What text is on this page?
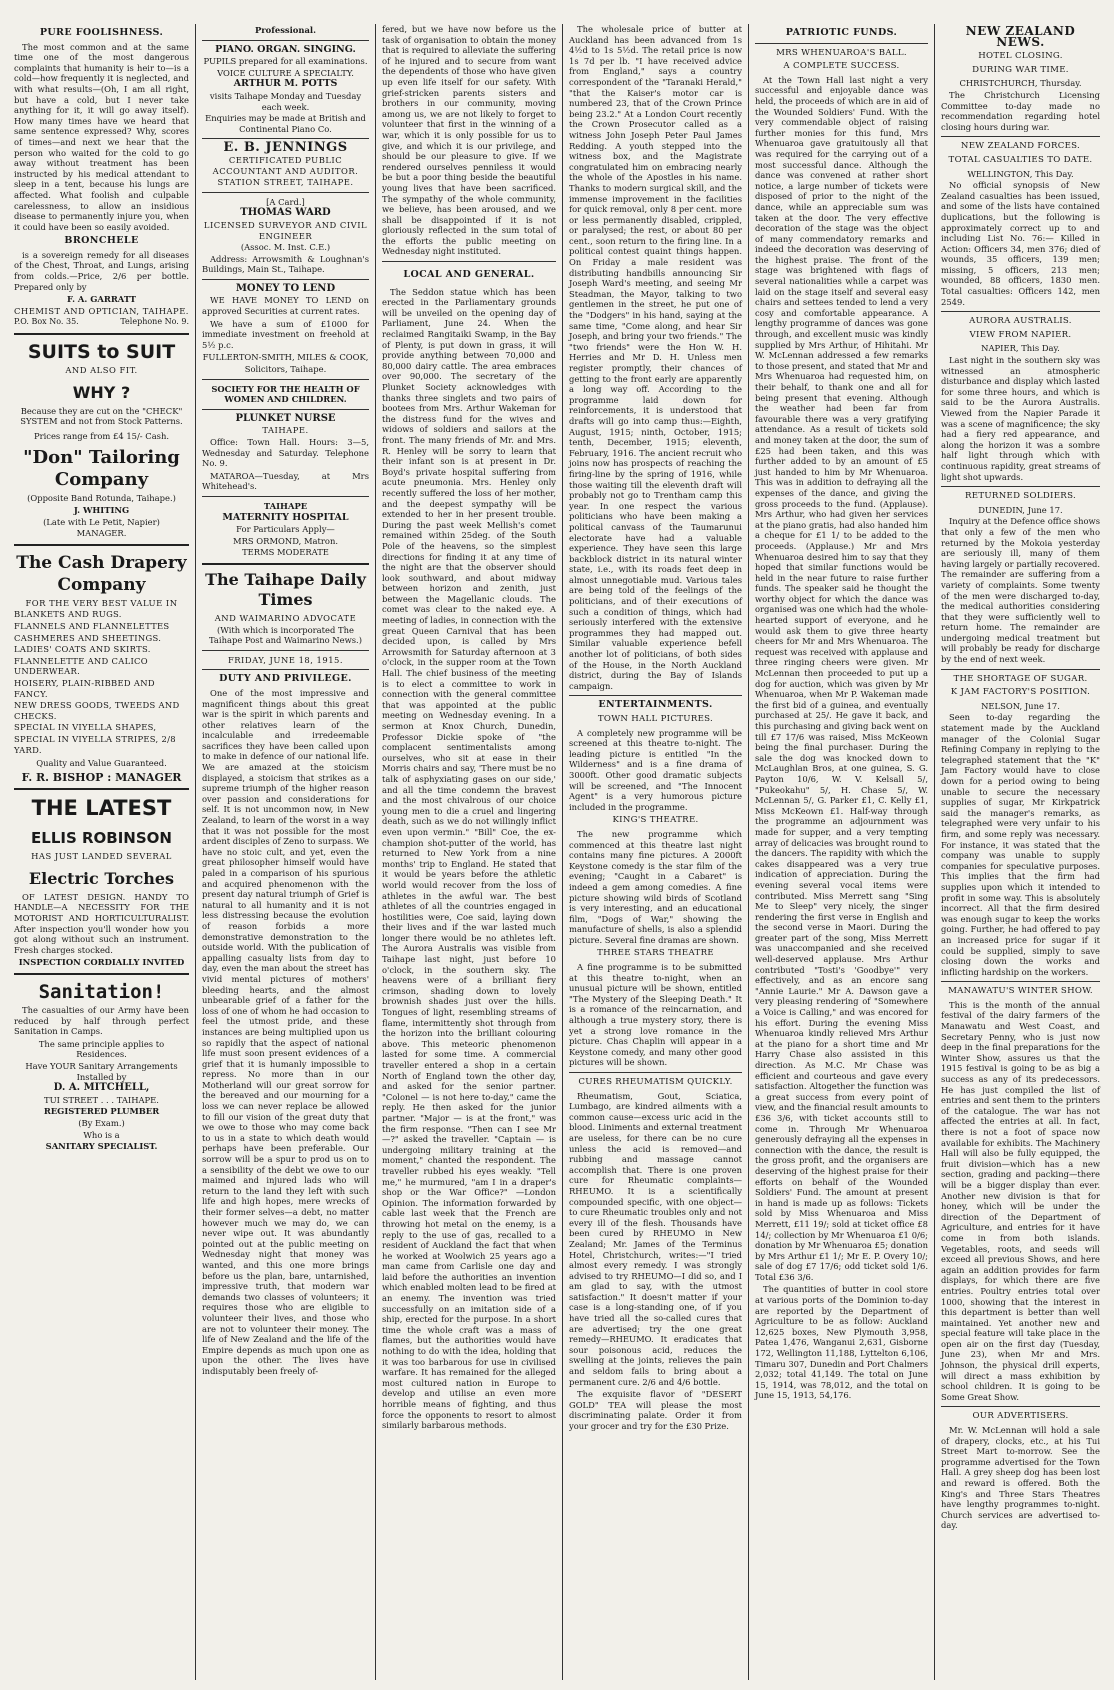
PURE FOOLISHNESS.
The most common and at the same time one of the most dangerous complaints that humanity is heir to—is a cold—how frequently it is neglected, and with what results—(Oh, I am all right, but have a cold, but I never take anything for it, it will go away itself). How many times have we heard that same sentence expressed? Why, scores of times—and next we hear that the person who waited for the cold to go away without treatment has been instructed by his medical attendant to sleep in a tent, because his lungs are affected. What foolish and culpable carelessness, to allow an insidious disease to permanently injure you, when it could have been so easily avoided.
BRONCHELE
is a sovereign remedy for all diseases of the Chest, Throat, and Lungs, arising from colds.—Price, 2/6 per bottle. Prepared only by
F. A. GARRATT
CHEMIST AND OPTICIAN, TAIHAPE.
P.O. Box No. 35.	Telephone No. 9.
SUITS to SUIT
AND ALSO FIT.
WHY ?
Because they are cut on the "CHECK" SYSTEM and not from Stock Patterns.
Prices range from £4 15/- Cash.
"Don" Tailoring Company
(Opposite Band Rotunda, Taihape.)
J. WHITING
(Late with Le Petit, Napier)
MANAGER.
The Cash Drapery Company
FOR THE VERY BEST VALUE IN
BLANKETS AND RUGS.
FLANNELS AND FLANNELETTES
CASHMERES AND SHEETINGS.
LADIES' COATS AND SKIRTS.
FLANNELETTE AND CALICO UNDERWEAR.
HOISERY, PLAIN-RIBBED AND FANCY.
NEW DRESS GOODS, TWEEDS AND CHECKS.
SPECIAL IN VIYELLA SHAPES,
SPECIAL IN VIYELLA STRIPES, 2/8 YARD.
Quality and Value Guaranteed.
F. R. BISHOP : MANAGER
THE LATEST
ELLIS ROBINSON
HAS JUST LANDED SEVERAL
Electric Torches
OF LATEST DESIGN. HANDY TO HANDLE—A NECESSITY FOR THE MOTORIST AND HORTICULTURALIST. After inspection you'll wonder how you got along without such an instrument. Fresh charges stocked.
INSPECTION CORDIALLY INVITED
Sanitation!
The casualties of our Army have been reduced by half through perfect Sanitation in Camps.
The same principle applies to Residences.
Have YOUR Sanitary Arrangements Installed by
D. A. MITCHELL,
TUI STREET . . . TAIHAPE.
REGISTERED PLUMBER
(By Exam.)
Who is a
SANITARY SPECIALIST.
Professional.
PIANO. ORGAN. SINGING.
PUPILS prepared for all examinations.
VOICE CULTURE A SPECIALTY.
ARTHUR M. POTTS
visits Taihape Monday and Tuesday each week.
Enquiries may be made at British and Continental Piano Co.
E. B. JENNINGS
CERTIFICATED PUBLIC ACCOUNTANT AND AUDITOR.
STATION STREET, TAIHAPE.
[A Card.]
THOMAS WARD
LICENSED SURVEYOR AND CIVIL ENGINEER
(Assoc. M. Inst. C.E.)
Address: Arrowsmith & Loughnan's Buildings, Main St., Taihape.
MONEY TO LEND
WE HAVE MONEY TO LEND on approved Securities at current rates.
We have a sum of £1000 for immediate investment on freehold at 5½ p.c.
FULLERTON-SMITH, MILES & COOK,
Solicitors, Taihape.
SOCIETY FOR THE HEALTH OF WOMEN AND CHILDREN.
PLUNKET NURSE
TAIHAPE.
Office: Town Hall. Hours: 3—5, Wednesday and Saturday. Telephone No. 9.
MATAROA—Tuesday, at Mrs Whitehead's.
TAIHAPE
MATERNITY HOSPITAL
For Particulars Apply—
MRS ORMOND, Matron.
TERMS MODERATE
The Taihape Daily Times
AND WAIMARINO ADVOCATE
(With which is incorporated The Taihape Post and Waimarino News.)
FRIDAY, JUNE 18, 1915.
DUTY AND PRIVILEGE.
One of the most impressive and magnificent things about this great war is the spirit in which parents and other relatives learn of the incalculable and irredeemable sacrifices they have been called upon to make in defence of our national life. We are amazed at the stoicism displayed, a stoicism that strikes as a supreme triumph of the higher reason over passion and considerations for self. It is not uncommon now, in New Zealand, to learn of the worst in a way that it was not possible for the most ardent disciples of Zeno to surpass. We have no stoic cult, and yet, even the great philosopher himself would have paled in a comparison of his spurious and acquired phenomenon with the present day natural triumph of Grief is natural to all humanity and it is not less distressing because the evolution of reason forbids a more demonstrative demonstration to the outside world. With the publication of appalling casualty lists from day to day, even the man about the street has vivid mental pictures of mothers' bleeding hearts, and the almost unbearable grief of a father for the loss of one of whom he had occasion to feel the utmost pride, and these instances are being multiplied upon us so rapidly that the aspect of national life must soon present evidences of a grief that it is humanly impossible to repress. No more than in our Motherland will our great sorrow for the bereaved and our mourning for a loss we can never replace be allowed to fill our vision of the great duty that we owe to those who may come back to us in a state to which death would perhaps have been preferable. Our sorrow will be a spur to prod us on to a sensibility of the debt we owe to our maimed and injured lads who will return to the land they left with such life and high hopes, mere wrecks of their former selves—a debt, no matter however much we may do, we can never wipe out. It was abundantly pointed out at the public meeting on Wednesday night that money was wanted, and this one more brings before us the plan, bare, untarnished, impressive truth, that modern war demands two classes of volunteers; it requires those who are eligible to volunteer their lives, and those who are not to volunteer their money. The life of New Zealand and the life of the Empire depends as much upon one as upon the other. The lives have indisputably been freely of-
fered, but we have now before us the task of organisation to obtain the money that is required to alleviate the suffering of he injured and to secure from want the dependents of those who have given up even life itself for our safety. With grief-stricken parents sisters and brothers in our community, moving among us, we are not likely to forget to volunteer that first in the winning of a war, which it is only possible for us to give, and which it is our privilege, and should be our pleasure to give. If we rendered ourselves penniless it would be but a poor thing beside the beautiful young lives that have been sacrificed. The sympathy of the whole community, we believe, has been aroused, and we shall be disappointed if it is not gloriously reflected in the sum total of the efforts the public meeting on Wednesday night instituted.
LOCAL AND GENERAL.
The Seddon statue which has been erected in the Parliamentary grounds will be unveiled on the opening day of Parliament, June 24. When the reclaimed Rangitaiki Swamp, in the Bay of Plenty, is put down in grass, it will provide anything between 70,000 and 80,000 dairy cattle. The area embraces over 90,000. The secretary of the Plunket Society acknowledges with thanks three singlets and two pairs of bootees from Mrs. Arthur Wakeman for the distress fund for the wives and widows of soldiers and sailors at the front. The many friends of Mr. and Mrs. R. Henley will be sorry to learn that their infant son is at present in Dr. Boyd's private hospital suffering from acute pneumonia. Mrs. Henley only recently suffered the loss of her mother, and the deepest sympathy will be extended to her in her present trouble. During the past week Mellish's comet remained within 25deg. of the South Pole of the heavens, so the simplest directions for finding it at any time of the night are that the observer should look southward, and about midway between horizon and zenith, just between the Magellanic clouds. The comet was clear to the naked eye. A meeting of ladies, in connection with the great Queen Carnival that has been decided upon, is called by Mrs Arrowsmith for Saturday afternoon at 3 o'clock, in the supper room at the Town Hall. The chief business of the meeting is to elect a committee to work in connection with the general committee that was appointed at the public meeting on Wednesday evening. In a sermon at Knox Church, Dunedin, Professor Dickie spoke of "the complacent sentimentalists among ourselves, who sit at ease in their Morris chairs and say, 'There must be no talk of asphyxiating gases on our side,' and all the time condemn the bravest and the most chivalrous of our choice young men to die a cruel and lingering death, such as we do not willingly inflict even upon vermin." "Bill" Coe, the ex-champion shot-putter of the world, has returned to New York from a nine months' trip to England. He stated that it would be years before the athletic world would recover from the loss of athletes in the awful war. The best athletes of all the countries engaged in hostilities were, Coe said, laying down their lives and if the war lasted much longer there would be no athletes left. The Aurora Australis was visible from Taihape last night, just before 10 o'clock, in the southern sky. The heavens were of a brilliant fiery crimson, shading down to lovely brownish shades just over the hills. Tongues of light, resembling streams of flame, intermittently shot through from the horizon into the brilliant colouring above. This meteoric phenomenon lasted for some time. A commercial traveller entered a shop in a certain North of England town the other day, and asked for the senior partner. "Colonel — is not here to-day," came the reply. He then asked for the junior partner. "Major — is at the front," was the firm response. "Then can I see Mr —?" asked the traveller. "Captain — is undergoing military training at the moment," chanted the respondent. The traveller rubbed his eyes weakly. "Tell me," he murmured, "am I in a draper's shop or the War Office?" —London Opinion. The information forwarded by cable last week that the French are throwing hot metal on the enemy, is a reply to the use of gas, recalled to a resident of Auckland the fact that when he worked at Woolwich 25 years ago a man came from Carlisle one day and laid before the authorities an invention which enabled molten lead to be fired at an enemy. The invention was tried successfully on an imitation side of a ship, erected for the purpose. In a short time the whole craft was a mass of flames, but the authorities would have nothing to do with the idea, holding that it was too barbarous for use in civilised warfare. It has remained for the alleged most cultured nation in Europe to develop and utilise an even more horrible means of fighting, and thus force the opponents to resort to almost similarly barbarous methods.
The wholesale price of butter at Auckland has been advanced from 1s 4½d to 1s 5½d. The retail price is now 1s 7d per lb. "I have received advice from England," says a country correspondent of the "Taranaki Herald," "that the Kaiser's motor car is numbered 23, that of the Crown Prince being 23.2." At a London Court recently the Crown Prosecutor called as a witness John Joseph Peter Paul James Redding. A youth stepped into the witness box, and the Magistrate congratulated him on embracing nearly the whole of the Apostles in his name. Thanks to modern surgical skill, and the immense improvement in the facilities for quick removal, only 8 per cent. more or less permanently disabled, crippled, or paralysed; the rest, or about 80 per cent., soon return to the firing line. In a political contest quaint things happen. On Friday a male resident was distributing handbills announcing Sir Joseph Ward's meeting, and seeing Mr Steadman, the Mayor, talking to two gentlemen in the street, he put one of the "Dodgers" in his hand, saying at the same time, "Come along, and hear Sir Joseph, and bring your two friends." The "two friends" were the Hon W. H. Herries and Mr D. H. Unless men register promptly, their chances of getting to the front early are apparently a long way off. According to the programme laid down for reinforcements, it is understood that drafts will go into camp thus:—Eighth, August, 1915; ninth, October, 1915; tenth, December, 1915; eleventh, February, 1916. The ancient recruit who joins now has prospects of reaching the firing-line by the spring of 1916, while those waiting till the eleventh draft will probably not go to Trentham camp this year. In one respect the various politicians who have been making a political canvass of the Taumarunui electorate have had a valuable experience. They have seen this large backblock district in its natural winter state, i.e., with its roads feet deep in almost unnegotiable mud. Various tales are being told of the feelings of the politicians, and of their executions of such a condition of things, which had seriously interfered with the extensive programmes they had mapped out. Similar valuable experience befell another lot of politicians, of both sides of the House, in the North Auckland district, during the Bay of Islands campaign.
ENTERTAINMENTS.
TOWN HALL PICTURES.
A completely new programme will be screened at this theatre to-night. The leading picture is entitled "In the Wilderness" and is a fine drama of 3000ft. Other good dramatic subjects will be screened, and "The Innocent Agent" is a very humorous picture included in the programme.
KING'S THEATRE.
The new programme which commenced at this theatre last night contains many fine pictures. A 2000ft Keystone comedy is the star film of the evening; "Caught in a Cabaret" is indeed a gem among comedies. A fine picture showing wild birds of Scotland is very interesting, and an educational film, "Dogs of War," showing the manufacture of shells, is also a splendid picture. Several fine dramas are shown.
THREE STARS THEATRE
A fine programme is to be submitted at this theatre to-night, when an unusual picture will be shown, entitled "The Mystery of the Sleeping Death." It is a romance of the reincarnation, and although a true mystery story, there is yet a strong love romance in the picture. Chas Chaplin will appear in a Keystone comedy, and many other good pictures will be shown.
CURES RHEUMATISM QUICKLY.
Rheumatism, Gout, Sciatica, Lumbago, are kindred ailments with a common cause—excess uric acid in the blood. Liniments and external treatment are useless, for there can be no cure unless the acid is removed—and rubbing and massage cannot accomplish that. There is one proven cure for Rheumatic complaints—RHEUMO. It is a scientifically compounded specific, with one object—to cure Rheumatic troubles only and not every ill of the flesh. Thousands have been cured by RHEUMO in New Zealand; Mr. James of the Terminus Hotel, Christchurch, writes:—"I tried almost every remedy. I was strongly advised to try RHEUMO—I did so, and I am glad to say, with the utmost satisfaction." It doesn't matter if your case is a long-standing one, of if you have tried all the so-called cures that are advertised; try the one great remedy—RHEUMO. It eradicates that sour poisonous acid, reduces the swelling at the joints, relieves the pain and seldom fails to bring about a permanent cure. 2/6 and 4/6 bottle.
The exquisite flavor of "DESERT GOLD" TEA will please the most discriminating palate. Order it from your grocer and try for the £30 Prize.
PATRIOTIC FUNDS.
MRS WHENUAROA'S BALL.
A COMPLETE SUCCESS.
At the Town Hall last night a very successful and enjoyable dance was held, the proceeds of which are in aid of the Wounded Soldiers' Fund. With the very commendable object of raising further monies for this fund, Mrs Whenuaroa gave gratuitously all that was required for the carrying out of a most successful dance. Although the dance was convened at rather short notice, a large number of tickets were disposed of prior to the night of the dance, while an appreciable sum was taken at the door. The very effective decoration of the stage was the object of many commendatory remarks and indeed the decoration was deserving of the highest praise. The front of the stage was brightened with flags of several nationalities while a carpet was laid on the stage itself and several easy chairs and settees tended to lend a very cosy and comfortable appearance. A lengthy programme of dances was gone through, and excellent music was kindly supplied by Mrs Arthur, of Hihitahi. Mr W. McLennan addressed a few remarks to those present, and stated that Mr and Mrs Whenuaroa had requested him, on their behalf, to thank one and all for being present that evening. Although the weather had been far from favourable there was a very gratifying attendance. As a result of tickets sold and money taken at the door, the sum of £25 had been taken, and this was further added to by an amount of £5 just handed to him by Mr Whenuaroa. This was in addition to defraying all the expenses of the dance, and giving the gross proceeds to the fund. (Applause). Mrs Arthur, who had given her services at the piano gratis, had also handed him a cheque for £1 1/ to be added to the proceeds. (Applause.) Mr and Mrs Whenuaroa desired him to say that they hoped that similar functions would be held in the near future to raise further funds. The speaker said he thought the worthy object for which the dance was organised was one which had the whole-hearted support of everyone, and he would ask them to give three hearty cheers for Mr and Mrs Whenuaroa. The request was received with applause and three ringing cheers were given. Mr McLennan then proceeded to put up a dog for auction, which was given by Mr Whenuaroa, when Mr P. Wakeman made the first bid of a guinea, and eventually purchased at 25/. He gave it back, and this purchasing and giving back went on till £7 17/6 was raised, Miss McKeown being the final purchaser. During the sale the dog was knocked down to McLaughlan Bros, at one guinea, S. G. Payton 10/6, W. V. Kelsall 5/, "Pukeokahu" 5/, H. Chase 5/, W. McLennan 5/, G. Parker £1, C. Kelly £1, Miss McKeown £1. Half-way through the programme an adjournment was made for supper, and a very tempting array of delicacies was brought round to the dancers. The rapidity with which the cakes disappeared was a very true indication of appreciation. During the evening several vocal items were contributed. Miss Merrett sang "Sing Me to Sleep" very nicely, the singer rendering the first verse in English and the second verse in Maori. During the greater part of the song, Miss Merrett was unaccompanied and she received well-deserved applause. Mrs Arthur contributed "Tosti's 'Goodbye'" very effectively, and as an encore sang "Annie Laurie." Mr A. Dawson gave a very pleasing rendering of "Somewhere a Voice is Calling," and was encored for his effort. During the evening Miss Whenuaroa kindly relieved Mrs Arthur at the piano for a short time and Mr Harry Chase also assisted in this direction. As M.C. Mr Chase was efficient and courteous and gave every satisfaction. Altogether the function was a great success from every point of view, and the financial result amounts to £36 3/6, with ticket accounts still to come in. Through Mr Whenuaroa generously defraying all the expenses in connection with the dance, the result is the gross profit, and the organisers are deserving of the highest praise for their efforts on behalf of the Wounded Soldiers' Fund. The amount at present in hand is made up as follows: Tickets sold by Miss Whenuaroa and Miss Merrett, £11 19/; sold at ticket office £8 14/; collection by Mr Whenuaroa £1 0/6; donation by Mr Whenuaroa £5; donation by Mrs Arthur £1 1/; Mr E. P. Overy 10/; sale of dog £7 17/6; odd ticket sold 1/6. Total £36 3/6.
The quantities of butter in cool store at various ports of the Dominion to-day are reported by the Department of Agriculture to be as follow: Auckland 12,625 boxes, New Plymouth 3,958, Patea 1,476, Wanganui 2,631, Gisborne 172, Wellington 11,188, Lyttelton 6,106, Timaru 307, Dunedin and Port Chalmers 2,032; total 41,149. The total on June 15, 1914, was 78,012, and the total on June 15, 1913, 54,176.
NEW ZEALAND NEWS.
HOTEL CLOSING.
DURING WAR TIME.
CHRISTCHURCH, Thursday.
The Christchurch Licensing Committee to-day made no recommendation regarding hotel closing hours during war.
NEW ZEALAND FORCES.
TOTAL CASUALTIES TO DATE.
WELLINGTON, This Day.
No official synopsis of New Zealand casualties has been issued, and some of the lists have contained duplications, but the following is approximately correct up to and including List No. 76:— Killed in Action: Officers 34, men 376; died of wounds, 35 officers, 139 men; missing, 5 officers, 213 men; wounded, 88 officers, 1830 men. Total casualties: Officers 142, men 2549.
AURORA AUSTRALIS.
VIEW FROM NAPIER.
NAPIER, This Day.
Last night in the southern sky was witnessed an atmospheric disturbance and display which lasted for some three hours, and which is said to be the Aurora Australis. Viewed from the Napier Parade it was a scene of magnificence; the sky had a fiery red appearance, and along the horizon it was a sombre half light through which with continuous rapidity, great streams of light shot upwards.
RETURNED SOLDIERS.
DUNEDIN, June 17.
Inquiry at the Defence office shows that only a few of the men who returned by the Mokoia yesterday are seriously ill, many of them having largely or partially recovered. The remainder are suffering from a variety of complaints. Some twenty of the men were discharged to-day, the medical authorities considering that they were sufficiently well to return home. The remainder are undergoing medical treatment but will probably be ready for discharge by the end of next week.
THE SHORTAGE OF SUGAR.
K JAM FACTORY'S POSITION.
NELSON, June 17.
Seen to-day regarding the statement made by the Auckland manager of the Colonial Sugar Refining Company in replying to the telegraphed statement that the "K" Jam Factory would have to close down for a period owing to being unable to secure the necessary supplies of sugar, Mr Kirkpatrick said the manager's remarks, as telegraphed were very unfair to his firm, and some reply was necessary. For instance, it was stated that the company was unable to supply companies for speculative purposes. This implies that the firm had supplies upon which it intended to profit in some way. This is absolutely incorrect. All that the firm desired was enough sugar to keep the works going. Further, he had offered to pay an increased price for sugar if it could be supplied, simply to save closing down the works and inflicting hardship on the workers.
MANAWATU'S WINTER SHOW.
This is the month of the annual festival of the dairy farmers of the Manawatu and West Coast, and Secretary Penny, who is just now deep in the final preparations for the Winter Show, assures us that the 1915 festival is going to be as big a success as any of its predecessors. He has just compiled the list of entries and sent them to the printers of the catalogue. The war has not affected the entries at all. In fact, there is not a foot of space now available for exhibits. The Machinery Hall will also be fully equipped, the fruit division—which has a new section, grading and packing—there will be a bigger display than ever. Another new division is that for honey, which will be under the direction of the Department of Agriculture, and entries for it have come in from both islands. Vegetables, roots, and seeds will exceed all previous Shows, and here again an addition provides for farm displays, for which there are five entries. Poultry entries total over 1000, showing that the interest in this department is better than well maintained. Yet another new and special feature will take place in the open air on the first day (Tuesday, June 23), when Mr and Mrs. Johnson, the physical drill experts, will direct a mass exhibition by school children. It is going to be Some Great Show.
OUR ADVERTISERS.
Mr. W. McLennan will hold a sale of drapery, clocks, etc., at his Tui Street Mart to-morrow. See the programme advertised for the Town Hall. A grey sheep dog has been lost and reward is offered. Both the King's and Three Stars Theatres have lengthy programmes to-night. Church services are advertised to-day.
